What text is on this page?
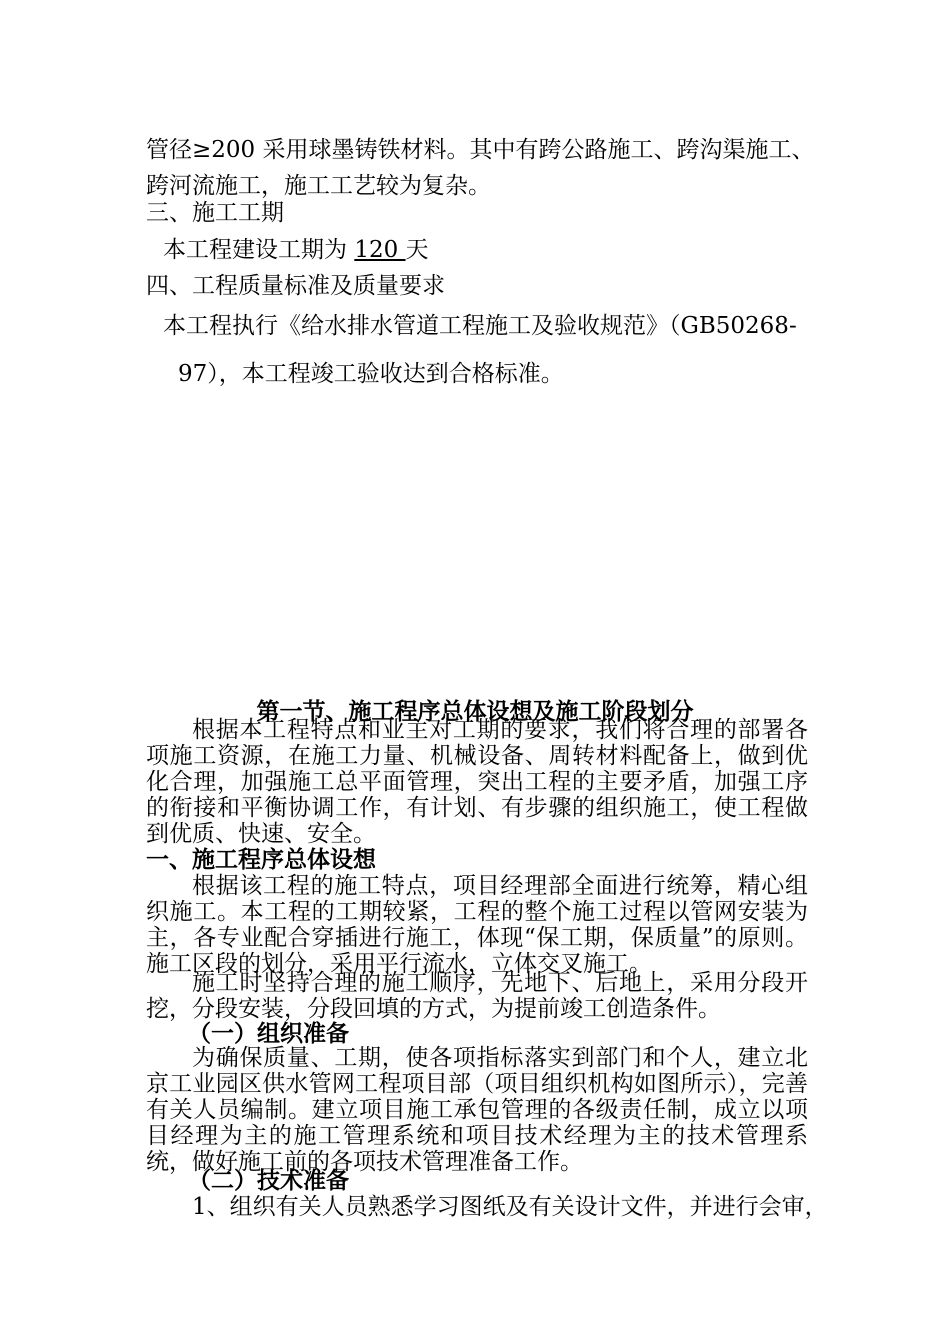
管径≥200 采用球墨铸铁材料。其中有跨公路施工、跨沟渠施工、
跨河流施工，施工工艺较为复杂。
三、施工工期
本工程建设工期为 120 天
四、工程质量标准及质量要求
本工程执行《给水排水管道工程施工及验收规范》（GB50268-
97），本工程竣工验收达到合格标准。
第一节、施工程序总体设想及施工阶段划分
根据本工程特点和业主对工期的要求，我们将合理的部署各项施工资源，在施工力量、机械设备、周转材料配备上，做到优化合理，加强施工总平面管理，突出工程的主要矛盾，加强工序的衔接和平衡协调工作，有计划、有步骤的组织施工，使工程做到优质、快速、安全。
一、施工程序总体设想
根据该工程的施工特点，项目经理部全面进行统筹，精心组织施工。本工程的工期较紧，工程的整个施工过程以管网安装为主，各专业配合穿插进行施工，体现“保工期，保质量”的原则。施工区段的划分，采用平行流水，立体交叉施工。
施工时坚持合理的施工顺序，先地下、后地上，采用分段开挖，分段安装，分段回填的方式，为提前竣工创造条件。
（一）组织准备
为确保质量、工期，使各项指标落实到部门和个人，建立北京工业园区供水管网工程项目部（项目组织机构如图所示），完善有关人员编制。建立项目施工承包管理的各级责任制，成立以项目经理为主的施工管理系统和项目技术经理为主的技术管理系统，做好施工前的各项技术管理准备工作。
（二）技术准备
1、组织有关人员熟悉学习图纸及有关设计文件，并进行会审，
